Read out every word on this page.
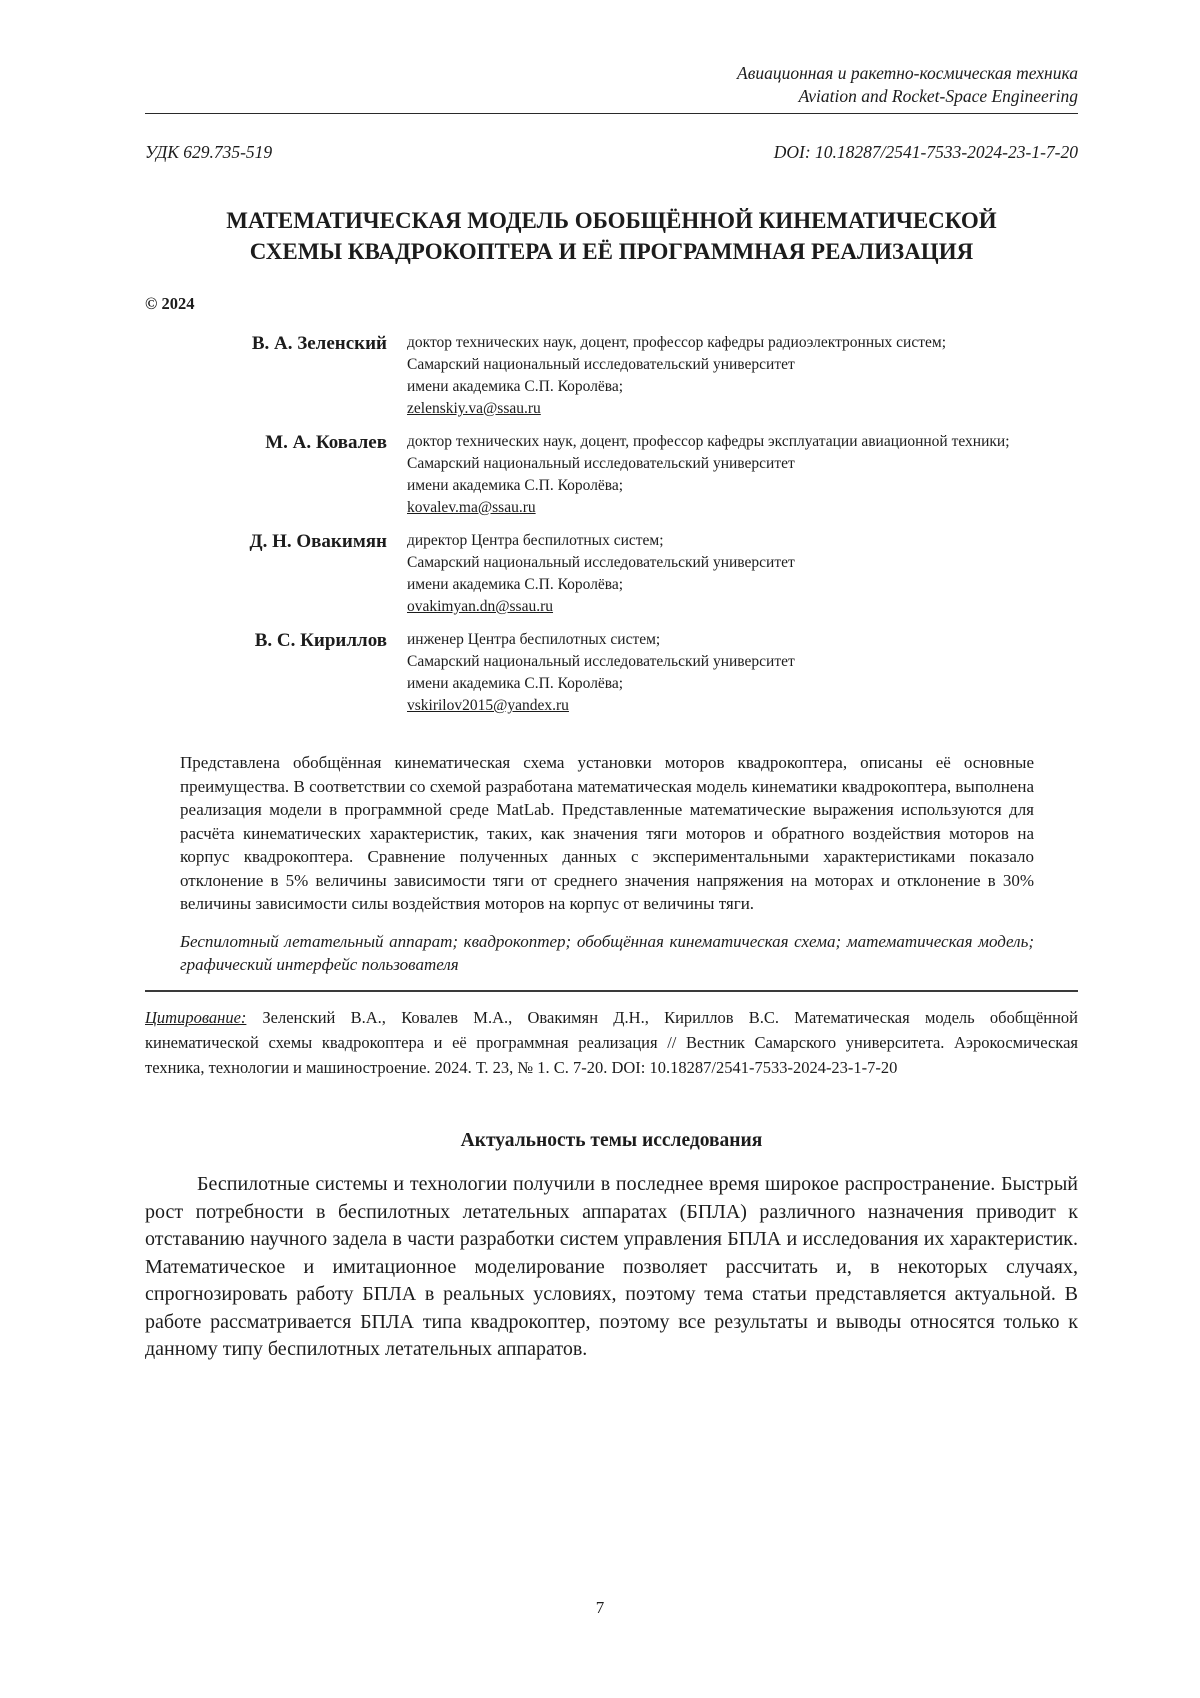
Авиационная и ракетно-космическая техника
Aviation and Rocket-Space Engineering
УДК 629.735-519	DOI: 10.18287/2541-7533-2024-23-1-7-20
МАТЕМАТИЧЕСКАЯ МОДЕЛЬ ОБОБЩЁННОЙ КИНЕМАТИЧЕСКОЙ СХЕМЫ КВАДРОКОПТЕРА И ЕЁ ПРОГРАММНАЯ РЕАЛИЗАЦИЯ
© 2024
В. А. Зеленский	доктор технических наук, доцент, профессор кафедры радиоэлектронных систем;
Самарский национальный исследовательский университет
имени академика С.П. Королёва;
zelenskiy.va@ssau.ru
М. А. Ковалев	доктор технических наук, доцент, профессор кафедры эксплуатации авиационной техники;
Самарский национальный исследовательский университет
имени академика С.П. Королёва;
kovalev.ma@ssau.ru
Д. Н. Овакимян	директор Центра беспилотных систем;
Самарский национальный исследовательский университет
имени академика С.П. Королёва;
ovakimyan.dn@ssau.ru
В. С. Кириллов	инженер Центра беспилотных систем;
Самарский национальный исследовательский университет
имени академика С.П. Королёва;
vskirilov2015@yandex.ru

Представлена обобщённая кинематическая схема установки моторов квадрокоптера, описаны её основные преимущества. В соответствии со схемой разработана математическая модель кинематики квадрокоптера, выполнена реализация модели в программной среде MatLab. Представленные математические выражения используются для расчёта кинематических характеристик, таких, как значения тяги моторов и обратного воздействия моторов на корпус квадрокоптера. Сравнение полученных данных с экспериментальными характеристиками показало отклонение в 5% величины зависимости тяги от среднего значения напряжения на моторах и отклонение в 30% величины зависимости силы воздействия моторов на корпус от величины тяги.

Беспилотный летательный аппарат; квадрокоптер; обобщённая кинематическая схема; математическая модель; графический интерфейс пользователя

Цитирование: Зеленский В.А., Ковалев М.А., Овакимян Д.Н., Кириллов В.С. Математическая модель обобщённой кинематической схемы квадрокоптера и её программная реализация // Вестник Самарского университета. Аэрокосмическая техника, технологии и машиностроение. 2024. Т. 23, № 1. С. 7-20. DOI: 10.18287/2541-7533-2024-23-1-7-20

Актуальность темы исследования

Беспилотные системы и технологии получили в последнее время широкое распространение. Быстрый рост потребности в беспилотных летательных аппаратах (БПЛА) различного назначения приводит к отставанию научного задела в части разработки систем управления БПЛА и исследования их характеристик. Математическое и имитационное моделирование позволяет рассчитать и, в некоторых случаях, спрогнозировать работу БПЛА в реальных условиях, поэтому тема статьи представляется актуальной. В работе рассматривается БПЛА типа квадрокоптер, поэтому все результаты и выводы относятся только к данному типу беспилотных летательных аппаратов.

7
